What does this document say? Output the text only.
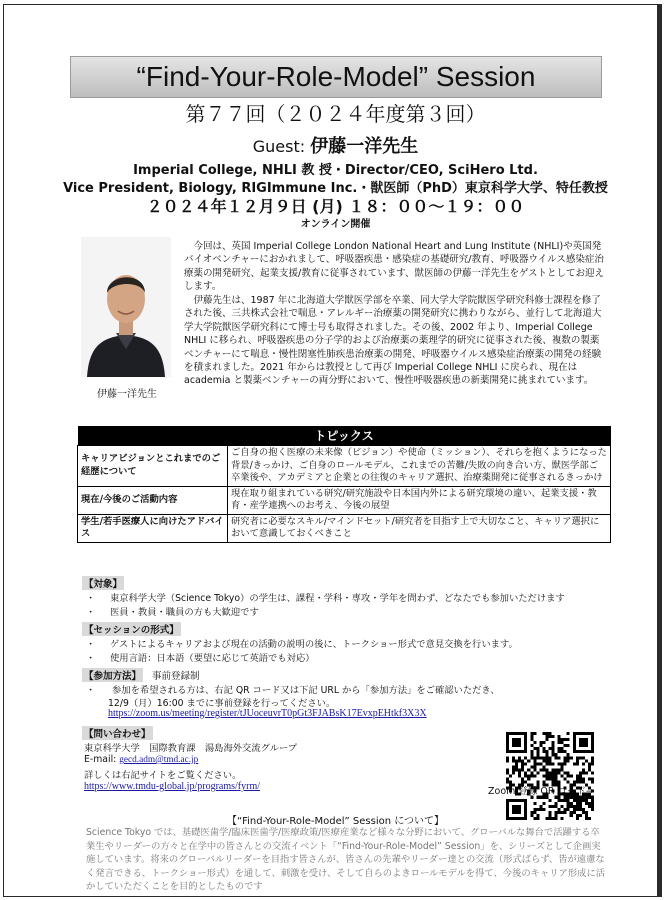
“Find-Your-Role-Model” Session
第７７回（２０２４年度第３回）
Guest: 伊藤一洋先生
Imperial College, NHLI 教 授・Director/CEO, SciHero Ltd.
Vice President, Biology, RIGImmune Inc.・獣医師（PhD）東京科学大学、特任教授
２０２４年１２月９日 (月) １８：００～１９：００
オンライン開催
伊藤一洋先生

今回は、英国 Imperial College London National Heart and Lung Institute (NHLI)や英国発バイオベンチャーにおかれまして、呼吸器疾患・感染症の基礎研究/教育、呼吸器ウイルス感染症治療薬の開発研究、起業支援/教育に従事されています、獣医師の伊藤一洋先生をゲストとしてお迎えします。

伊藤先生は、1987 年に北海道大学獣医学部を卒業、同大学大学院獣医学研究科修士課程を修了された後、三共株式会社で喘息・アレルギー治療薬の開発研究に携わりながら、並行して北海道大学大学院獣医学研究科にて博士号も取得されました。その後、2002 年より、Imperial College NHLI に移られ、呼吸器疾患の分子学的および治療薬の薬理学的研究に従事された後、複数の製薬ベンチャーにて喘息・慢性閉塞性肺疾患治療薬の開発、呼吸器ウイルス感染症治療薬の開発の経験を積まれました。2021 年からは教授として再び Imperial College NHLI に戻られ、現在は academia と製薬ベンチャーの両分野において、慢性呼吸器疾患の新薬開発に挑まれています。

トピックス	
キャリアビジョンとこれまでのご経歴について	ご自身の抱く医療の未来像（ビジョン）や使命（ミッション）、それらを抱くようになった背景/きっかけ、ご自身のロールモデル、これまでの苦難/失敗の向き合い方、獣医学部ご卒業後や、アカデミアと企業との往復のキャリア選択、治療薬開発に従事されるきっかけ
現在/今後のご活動内容	現在取り組まれている研究/研究施設や日本国内外による研究環境の違い、起業支援・教育・産学連携へのお考え、今後の展望
学生/若手医療人に向けたアドバイス	研究者に必要なスキル/マインドセット/研究者を目指す上で大切なこと、キャリア選択において意識しておくべきこと
【対象】
・ 東京科学大学（Science Tokyo）の学生は、課程・学科・専攻・学年を問わず、どなたでも参加いただけます
・ 医員・教員・職員の方も大歓迎です
【セッションの形式】
・ ゲストによるキャリアおよび現在の活動の説明の後に、トークショー形式で意見交換を行います。
・ 使用言語：日本語（要望に応じて英語でも対応）
【参加方法】 事前登録制
・ 参加を希望される方は、右記 QR コード又は下記 URL から「参加方法」をご確認いただき、
12/9（月）16:00 までに事前登録を行ってください。
https://zoom.us/meeting/register/tJUoceuvrT0pGt3FJABsK17EvxpEHtkf3X3X
【問い合わせ】
東京科学大学　国際教育課　湯島海外交流グループ
E-mail: gecd.adm@tmd.ac.jp
詳しくは右記サイトをご覧ください。
https://www.tmdu-global.jp/programs/fyrm/	Zoom 登録 QR コード→
【“Find-Your-Role-Model” Session について】

Science Tokyo では、基礎医歯学/臨床医歯学/医療政策/医療産業など様々な分野において、グローバルな舞台で活躍する卒業生やリーダーの方々と在学中の皆さんとの交流イベント「“Find-Your-Role-Model” Session」を、シリーズとして企画実施しています。将来のグローバルリーダーを目指す皆さんが、皆さんの先輩やリーダー達との交流（形式ばらず、皆が遠慮なく発言できる、トークショー形式）を通して、刺激を受け、そして自らのよきロールモデルを得て、今後のキャリア形成に活かしていただくことを目的としたものです
